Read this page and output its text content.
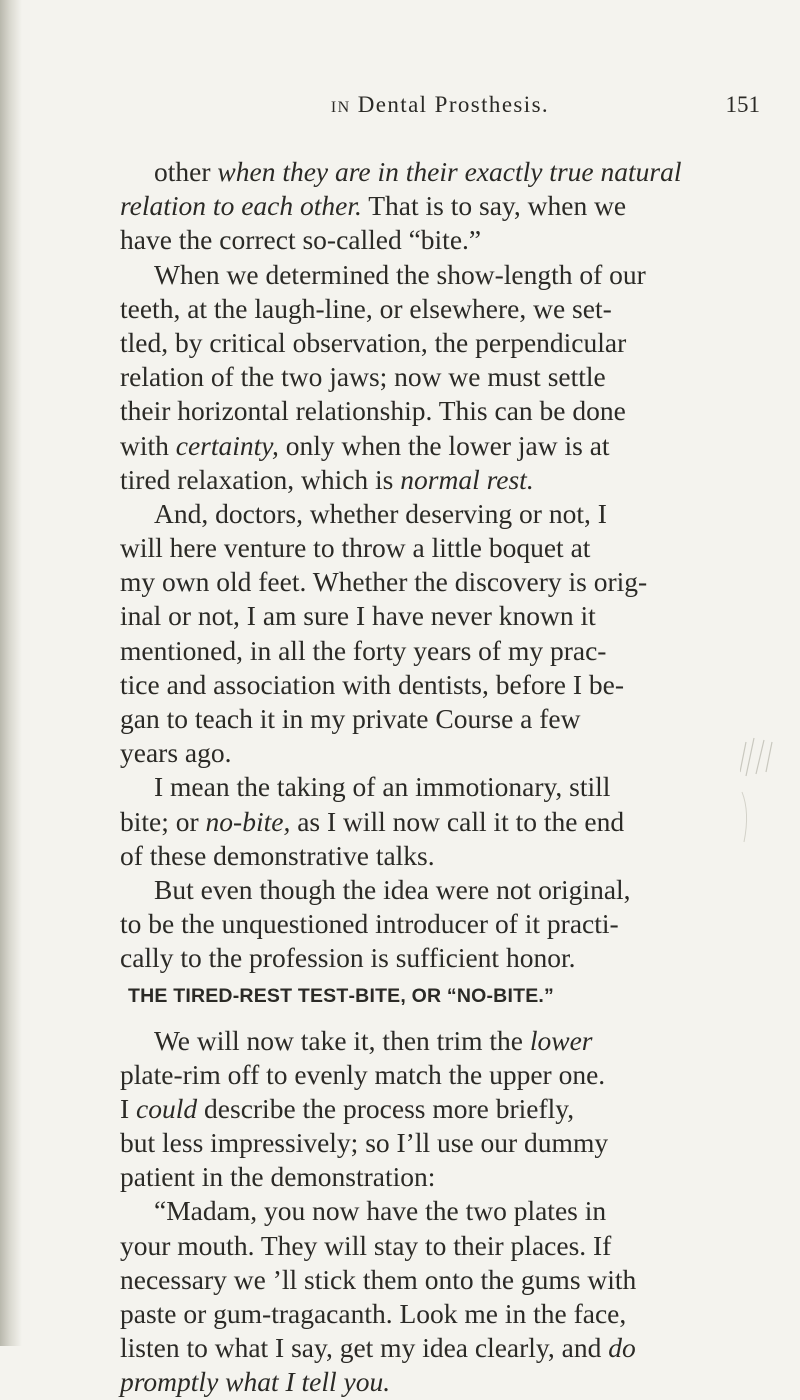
IN Dental Prosthesis.	151
other when they are in their exactly true natural
relation to each other. That is to say, when we
have the correct so‑called “bite.”
When we determined the show‑length of our
teeth, at the laugh‑line, or elsewhere, we set-
tled, by critical observation, the perpendicular
relation of the two jaws; now we must settle
their horizontal relationship. This can be done
with certainty, only when the lower jaw is at
tired relaxation, which is normal rest.
And, doctors, whether deserving or not, I
will here venture to throw a little boquet at
my own old feet. Whether the discovery is orig-
inal or not, I am sure I have never known it
mentioned, in all the forty years of my prac-
tice and association with dentists, before I be-
gan to teach it in my private Course a few
years ago.
I mean the taking of an immotionary, still
bite; or no‑bite, as I will now call it to the end
of these demonstrative talks.
But even though the idea were not original,
to be the unquestioned introducer of it practi-
cally to the profession is sufficient honor.
THE TIRED‑REST TEST‑BITE, OR “NO‑BITE.”
We will now take it, then trim the lower
plate‑rim off to evenly match the upper one.
I could describe the process more briefly,
but less impressively; so I’ll use our dummy
patient in the demonstration:
“Madam, you now have the two plates in
your mouth. They will stay to their places. If
necessary we ’ll stick them onto the gums with
paste or gum-tragacanth. Look me in the face,
listen to what I say, get my idea clearly, and do
promptly what I tell you.
